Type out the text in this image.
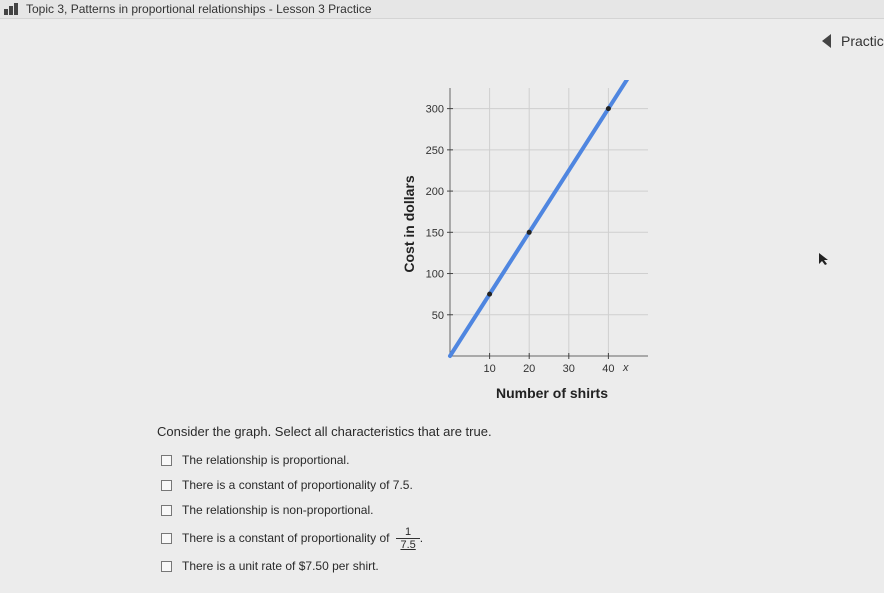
Topic 3, Patterns in proportional relationships - Lesson 3 Practice
Practic
10 20 30 40
50
100
150
200
250
300
x
Number of shirts
Cost in dollars
Consider the graph. Select all characteristics that are true.
The relationship is proportional.
There is a constant of proportionality of 7.5.
The relationship is non-proportional.
There is a constant of proportionality of $\frac{1}{7.5}$ .
There is a unit rate of $7.50 per shirt.
